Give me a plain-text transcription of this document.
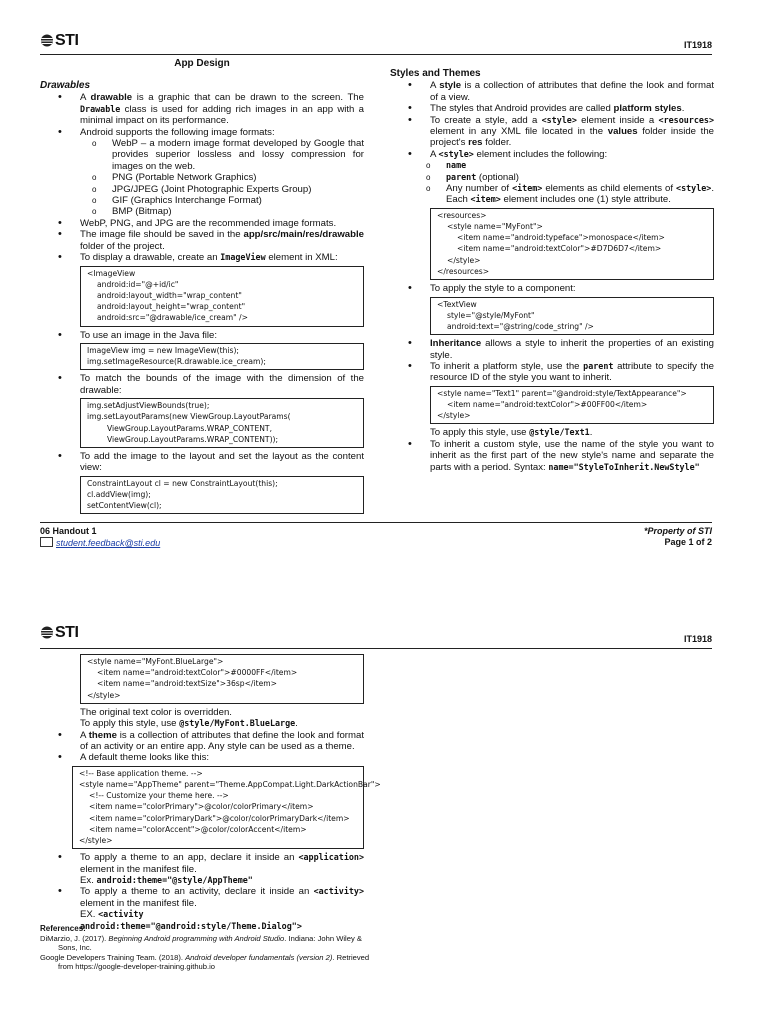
STI	IT1918
App Design
Drawables
• A drawable is a graphic that can be drawn to the screen. The Drawable class is used for adding rich images in an app with a minimal impact on its performance.
• Android supports the following image formats:
o WebP – a modern image format developed by Google that provides superior lossless and lossy compression for images on the web.
o PNG (Portable Network Graphics)
o JPG/JPEG (Joint Photographic Experts Group)
o GIF (Graphics Interchange Format)
o BMP (Bitmap)
• WebP, PNG, and JPG are the recommended image formats.
• The image file should be saved in the app/src/main/res/drawable folder of the project.
• To display a drawable, create an ImageView element in XML:
<ImageView
android:id="@+id/ic"
android:layout_width="wrap_content"
android:layout_height="wrap_content"
android:src="@drawable/ice_cream" />
• To use an image in the Java file:
ImageView img = new ImageView(this);
img.setImageResource(R.drawable.ice_cream);
• To match the bounds of the image with the dimension of the drawable:
img.setAdjustViewBounds(true);
img.setLayoutParams(new ViewGroup.LayoutParams(
ViewGroup.LayoutParams.WRAP_CONTENT,
ViewGroup.LayoutParams.WRAP_CONTENT));
• To add the image to the layout and set the layout as the content view:
ConstraintLayout cl = new ConstraintLayout(this);
cl.addView(img);
setContentView(cl);
Styles and Themes
• A style is a collection of attributes that define the look and format of a view.
• The styles that Android provides are called platform styles.
• To create a style, add a <style> element inside a <resources> element in any XML file located in the values folder inside the project's res folder.
• A <style> element includes the following:
o name
o parent (optional)
o Any number of <item> elements as child elements of <style>. Each <item> element includes one (1) style attribute.
<resources>
<style name="MyFont">
<item name="android:typeface">monospace</item>
<item name="android:textColor">#D7D6D7</item>
</style>
</resources>
• To apply the style to a component:
<TextView
style="@style/MyFont"
android:text="@string/code_string" />
• Inheritance allows a style to inherit the properties of an existing style.
• To inherit a platform style, use the parent attribute to specify the resource ID of the style you want to inherit.
<style name="Text1" parent="@android:style/TextAppearance">
<item name="android:textColor">#00FF00</item>
</style>
To apply this style, use @style/Text1.
• To inherit a custom style, use the name of the style you want to inherit as the first part of the new style's name and separate the parts with a period. Syntax: name="StyleToInherit.NewStyle"
06 Handout 1
student.feedback@sti.edu
*Property of STI
Page 1 of 2
STI	IT1918
<style name="MyFont.BlueLarge">
<item name="android:textColor">#0000FF</item>
<item name="android:textSize">36sp</item>
</style>
The original text color is overridden.
To apply this style, use @style/MyFont.BlueLarge.
• A theme is a collection of attributes that define the look and format of an activity or an entire app. Any style can be used as a theme.
• A default theme looks like this:
<!-- Base application theme. -->
<style name="AppTheme" parent="Theme.AppCompat.Light.DarkActionBar">
<!-- Customize your theme here. -->
<item name="colorPrimary">@color/colorPrimary</item>
<item name="colorPrimaryDark">@color/colorPrimaryDark</item>
<item name="colorAccent">@color/colorAccent</item>
</style>
• To apply a theme to an app, declare it inside an <application> element in the manifest file.
Ex. android:theme="@style/AppTheme"
• To apply a theme to an activity, declare it inside an <activity> element in the manifest file.
EX. <activity android:theme="@android:style/Theme.Dialog">
References:
DiMarzio, J. (2017). Beginning Android programming with Android Studio. Indiana: John Wiley & Sons, Inc.
Google Developers Training Team. (2018). Android developer fundamentals (version 2). Retrieved from https://google-developer-training.github.io
